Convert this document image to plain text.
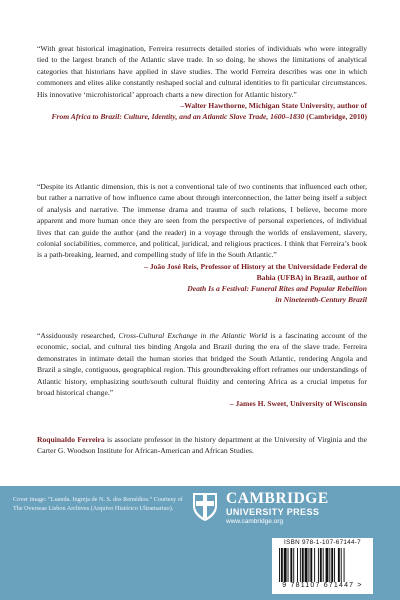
“With great historical imagination, Ferreira resurrects detailed stories of individuals who were integrally tied to the largest branch of the Atlantic slave trade. In so doing, he shows the limitations of analytical categories that historians have applied in slave studies. The world Ferreira describes was one in which commoners and elites alike constantly reshaped social and cultural identities to fit particular circumstances. His innovative ‘microhistorical’ approach charts a new direction for Atlantic history.”

–Walter Hawthorne, Michigan State University, author of
From Africa to Brazil: Culture, Identity, and an Atlantic Slave Trade, 1600–1830 (Cambridge, 2010)

“Despite its Atlantic dimension, this is not a conventional tale of two continents that influenced each other, but rather a narrative of how influence came about through interconnection, the latter being itself a subject of analysis and narrative. The immense drama and trauma of such relations, I believe, become more apparent and more human once they are seen from the perspective of personal experiences, of individual lives that can guide the author (and the reader) in a voyage through the worlds of enslavement, slavery, colonial sociabilities, commerce, and political, juridical, and religious practices. I think that Ferreira’s book is a path-breaking, learned, and compelling study of life in the South Atlantic.”

– João José Reis, Professor of History at the Universidade Federal de Bahia (UFBA) in Brazil, author of
Death Is a Festival: Funeral Rites and Popular Rebellion in Nineteenth-Century Brazil

“Assiduously researched, Cross-Cultural Exchange in the Atlantic World is a fascinating account of the economic, social, and cultural ties binding Angola and Brazil during the era of the slave trade. Ferreira demonstrates in intimate detail the human stories that bridged the South Atlantic, rendering Angola and Brazil a single, contiguous, geographical region. This groundbreaking effort reframes our understandings of Atlantic history, emphasizing south/south cultural fluidity and centering Africa as a crucial impetus for broad historical change.”

– James H. Sweet, University of Wisconsin
Roquinaldo Ferreira is associate professor in the history department at the University of Virginia and the Carter G. Woodson Institute for African-American and African Studies.
Cover image: “Luanda. Ingreja de N. S. dos Remédios.” Courtesy of The Overseas Lisbon Archives (Arquivo Histórico Ultramarino).
CAMBRIDGE
UNIVERSITY PRESS
www.cambridge.org
ISBN 978-1-107-67144-7
9 781107 671447 >
